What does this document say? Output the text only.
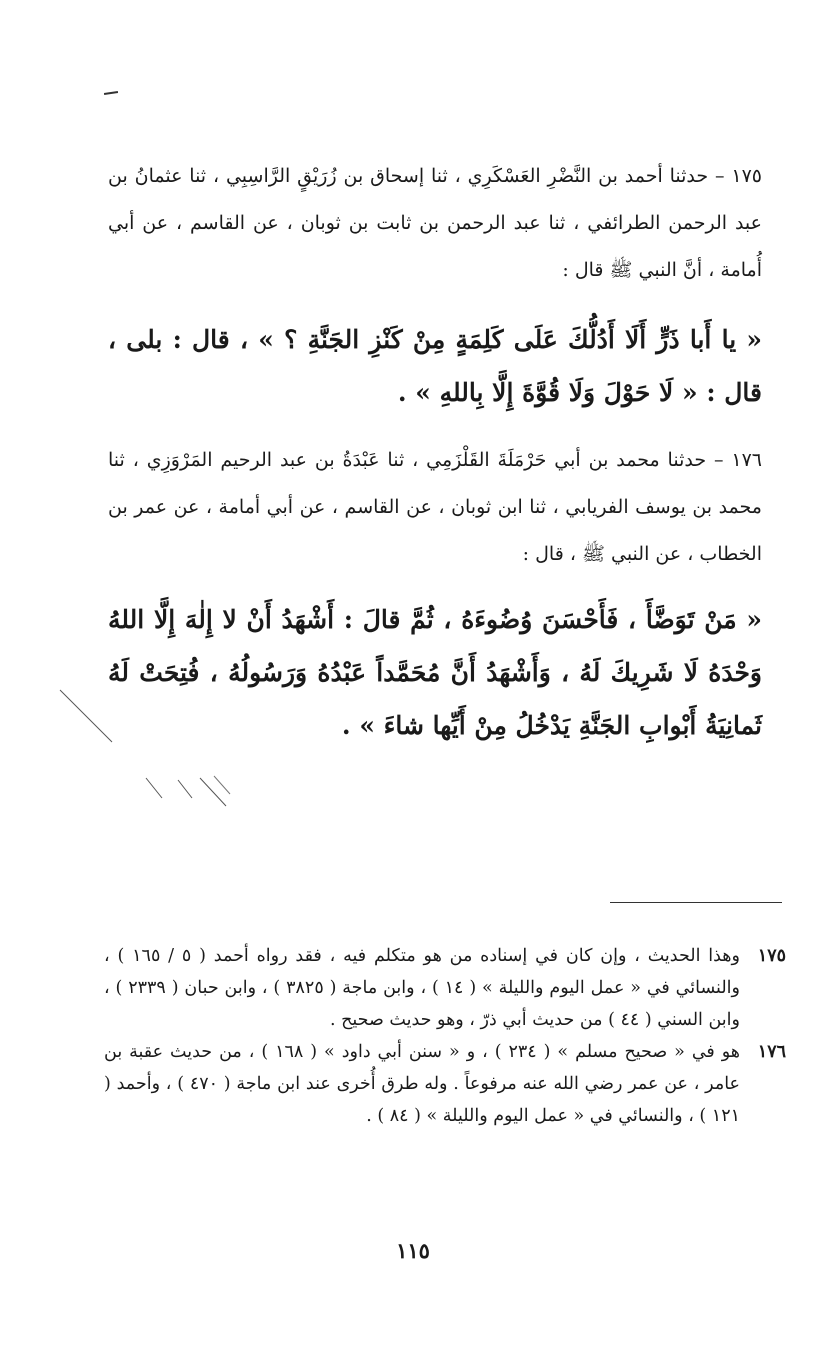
١٧٥ – حدثنا أحمد بن النَّضْرِ العَسْكَرِي ، ثنا إسحاق بن زُرَيْقٍ الرَّاسِبِي ، ثنا عثمانُ بن عبد الرحمن الطرائفي ، ثنا عبد الرحمن بن ثابت بن ثوبان ، عن القاسم ، عن أبي أُمامة ، أنَّ النبي ﷺ قال :

« يا أَبا ذَرٍّ أَلَا أَدُلُّكَ عَلَى كَلِمَةٍ مِنْ كَنْزِ الجَنَّةِ ؟ » ، قال : بلى ، قال : « لَا حَوْلَ وَلَا قُوَّةَ إِلَّا بِاللهِ » .

١٧٦ – حدثنا محمد بن أبي حَرْمَلَةَ القَلْزَمِي ، ثنا عَبْدَةُ بن عبد الرحيم المَرْوَزِي ، ثنا محمد بن يوسف الفريابي ، ثنا ابن ثوبان ، عن القاسم ، عن أبي أمامة ، عن عمر بن الخطاب ، عن النبي ﷺ ، قال :

« مَنْ تَوَضَّأَ ، فَأَحْسَنَ وُضُوءَهُ ، ثُمَّ قالَ : أَشْهَدُ أَنْ لا إِلٰهَ إِلَّا اللهُ وَحْدَهُ لَا شَرِيكَ لَهُ ، وَأَشْهَدُ أَنَّ مُحَمَّداً عَبْدُهُ وَرَسُولُهُ ، فُتِحَتْ لَهُ ثَمانِيَةُ أَبْوابِ الجَنَّةِ يَدْخُلُ مِنْ أَيِّها شاءَ » .

١٧٥
وهذا الحديث ، وإن كان في إسناده من هو متكلم فيه ، فقد رواه أحمد ( ٥ / ١٦٥ ) ، والنسائي في « عمل اليوم والليلة » ( ١٤ ) ، وابن ماجة ( ٣٨٢٥ ) ، وابن حبان ( ٢٣٣٩ ) ، وابن السني ( ٤٤ ) من حديث أبي ذرّ ، وهو حديث صحيح .
١٧٦
هو في « صحيح مسلم » ( ٢٣٤ ) ، و « سنن أبي داود » ( ١٦٨ ) ، من حديث عقبة بن عامر ، عن عمر رضي الله عنه مرفوعاً . وله طرق أُخرى عند ابن ماجة ( ٤٧٠ ) ، وأحمد ( ١٢١ ) ، والنسائي في « عمل اليوم والليلة » ( ٨٤ ) .
١١٥
